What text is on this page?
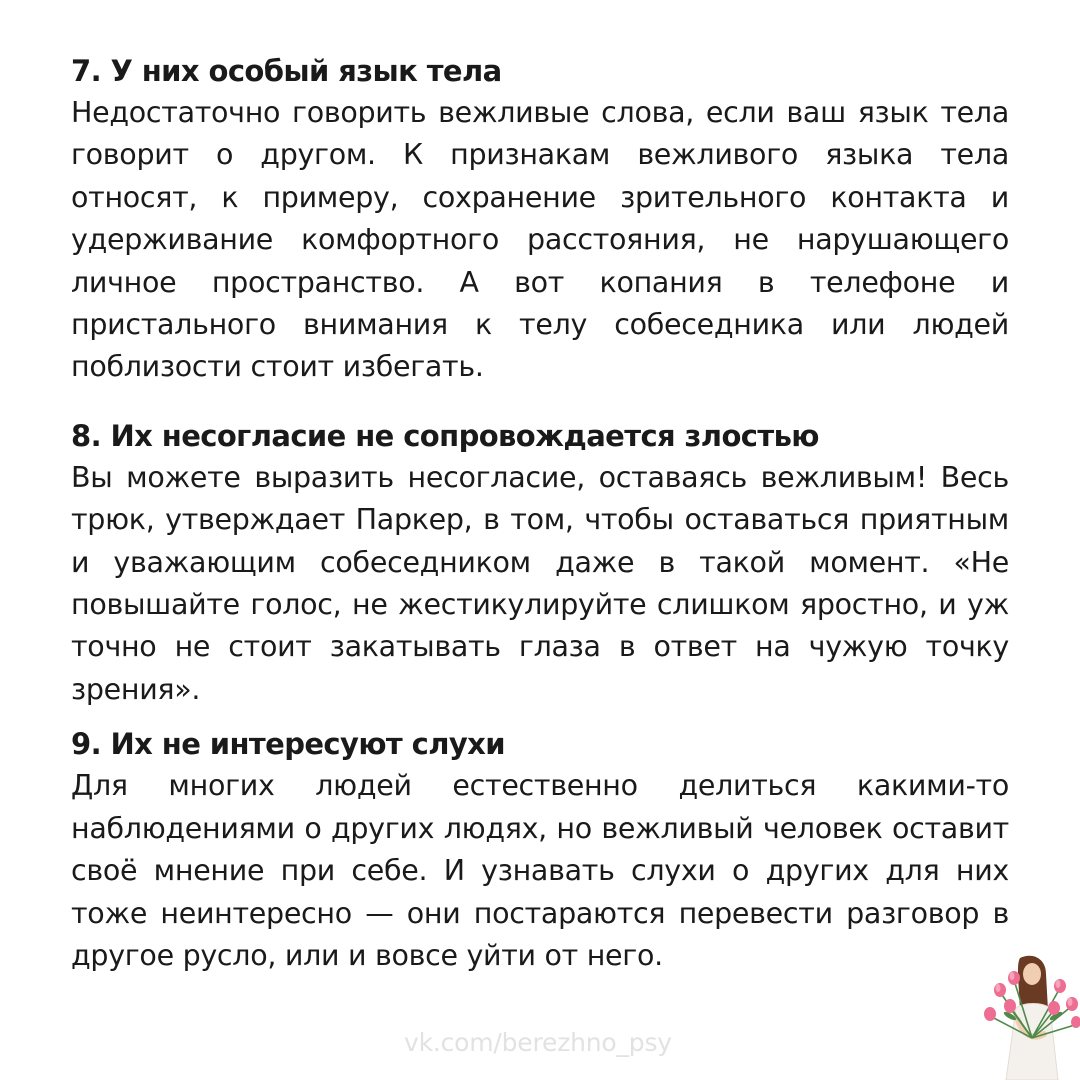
7. У них особый язык тела

Недостаточно говорить вежливые слова, если ваш язык тела говорит о другом. К признакам вежливого языка тела относят, к примеру, сохранение зрительного контакта и удерживание комфортного расстояния, не нарушающего личное пространство. А вот копания в телефоне и пристального внимания к телу собеседника или людей поблизости стоит избегать.

8. Их несогласие не сопровождается злостью

Вы можете выразить несогласие, оставаясь вежливым! Весь трюк, утверждает Паркер, в том, чтобы оставаться приятным и уважающим собеседником даже в такой момент. «Не повышайте голос, не жестикулируйте слишком яростно, и уж точно не стоит закатывать глаза в ответ на чужую точку зрения».

9. Их не интересуют слухи

Для многих людей естественно делиться какими-то наблюдениями о других людях, но вежливый человек оставит своё мнение при себе. И узнавать слухи о других для них тоже неинтересно — они постараются перевести разговор в другое русло, или и вовсе уйти от него.

vk.com/berezhno_psy
